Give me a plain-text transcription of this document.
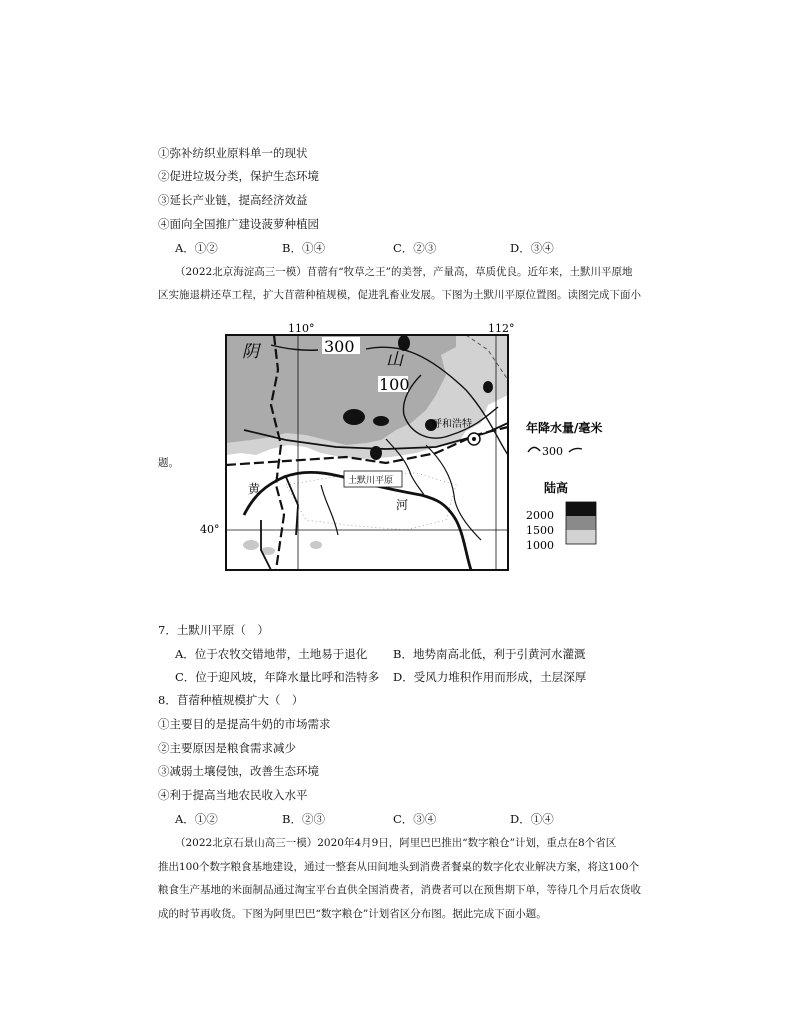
①弥补纺织业原料单一的现状
②促进垃圾分类，保护生态环境
③延长产业链，提高经济效益
④面向全国推广建设菠萝种植园
A．①②	B．①④	C．②③	D．③④
（2022北京海淀高三一模）苜蓿有“牧草之王”的美誉，产量高，草质优良。近年来，土默川平原地
区实施退耕还草工程，扩大苜蓿种植规模，促进乳畜业发展。下图为土默川平原位置图。读图完成下面小
题。
110°	112°
40°
阴	山
300
100
呼和浩特
土默川平原
黄
河
年降水量/毫米
300
陆高
2000
1500
1000
7．土默川平原（　）
A．位于农牧交错地带，土地易于退化 B．地势南高北低，利于引黄河水灌溉
C．位于迎风坡，年降水量比呼和浩特多 D．受风力堆积作用而形成，土层深厚
8．苜蓿种植规模扩大（　）
①主要目的是提高牛奶的市场需求
②主要原因是粮食需求减少
③减弱土壤侵蚀，改善生态环境
④利于提高当地农民收入水平
A．①②	B．②③	C．③④	D．①④
（2022北京石景山高三一模）2020年4月9日，阿里巴巴推出“数字粮仓”计划，重点在8个省区
推出100个数字粮食基地建设，通过一整套从田间地头到消费者餐桌的数字化农业解决方案，将这100个
粮食生产基地的米面制品通过淘宝平台直供全国消费者，消费者可以在预售期下单，等待几个月后农货收
成的时节再收货。下图为阿里巴巴“数字粮仓”计划省区分布图。据此完成下面小题。
